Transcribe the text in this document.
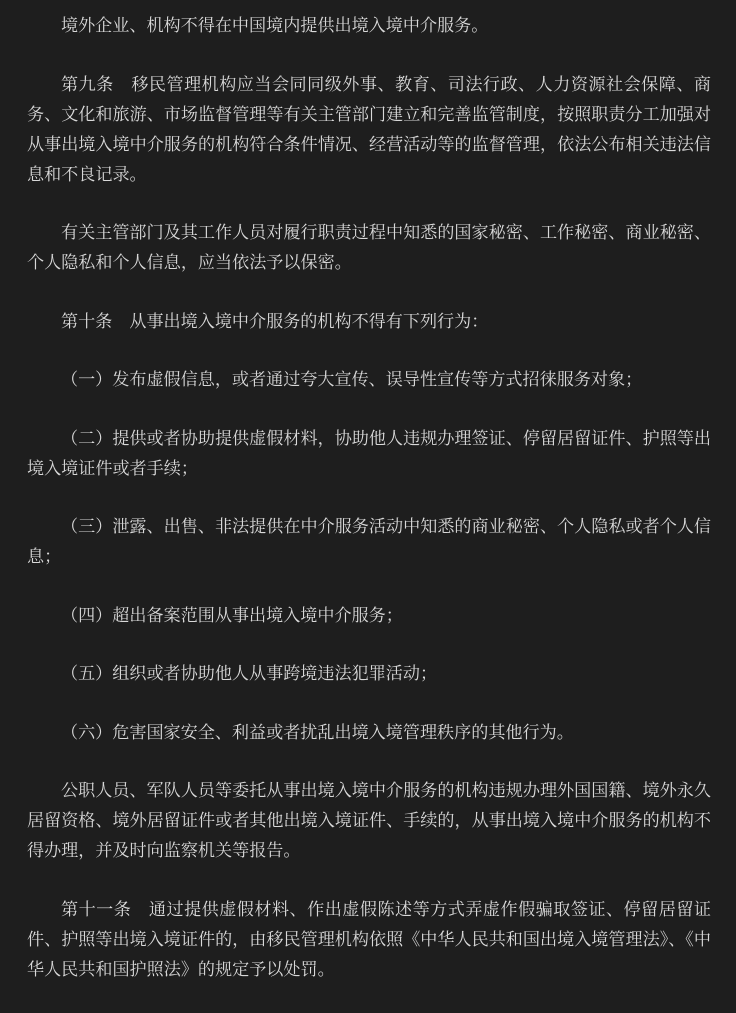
境外企业、机构不得在中国境内提供出境入境中介服务。

第九条　移民管理机构应当会同同级外事、教育、司法行政、人力资源社会保障、商务、文化和旅游、市场监督管理等有关主管部门建立和完善监管制度，按照职责分工加强对从事出境入境中介服务的机构符合条件情况、经营活动等的监督管理，依法公布相关违法信息和不良记录。

有关主管部门及其工作人员对履行职责过程中知悉的国家秘密、工作秘密、商业秘密、个人隐私和个人信息，应当依法予以保密。

第十条　从事出境入境中介服务的机构不得有下列行为：

（一）发布虚假信息，或者通过夸大宣传、误导性宣传等方式招徕服务对象；

（二）提供或者协助提供虚假材料，协助他人违规办理签证、停留居留证件、护照等出境入境证件或者手续；

（三）泄露、出售、非法提供在中介服务活动中知悉的商业秘密、个人隐私或者个人信息；

（四）超出备案范围从事出境入境中介服务；

（五）组织或者协助他人从事跨境违法犯罪活动；

（六）危害国家安全、利益或者扰乱出境入境管理秩序的其他行为。

公职人员、军队人员等委托从事出境入境中介服务的机构违规办理外国国籍、境外永久居留资格、境外居留证件或者其他出境入境证件、手续的，从事出境入境中介服务的机构不得办理，并及时向监察机关等报告。

第十一条　通过提供虚假材料、作出虚假陈述等方式弄虚作假骗取签证、停留居留证件、护照等出境入境证件的，由移民管理机构依照《中华人民共和国出境入境管理法》、《中华人民共和国护照法》的规定予以处罚。
